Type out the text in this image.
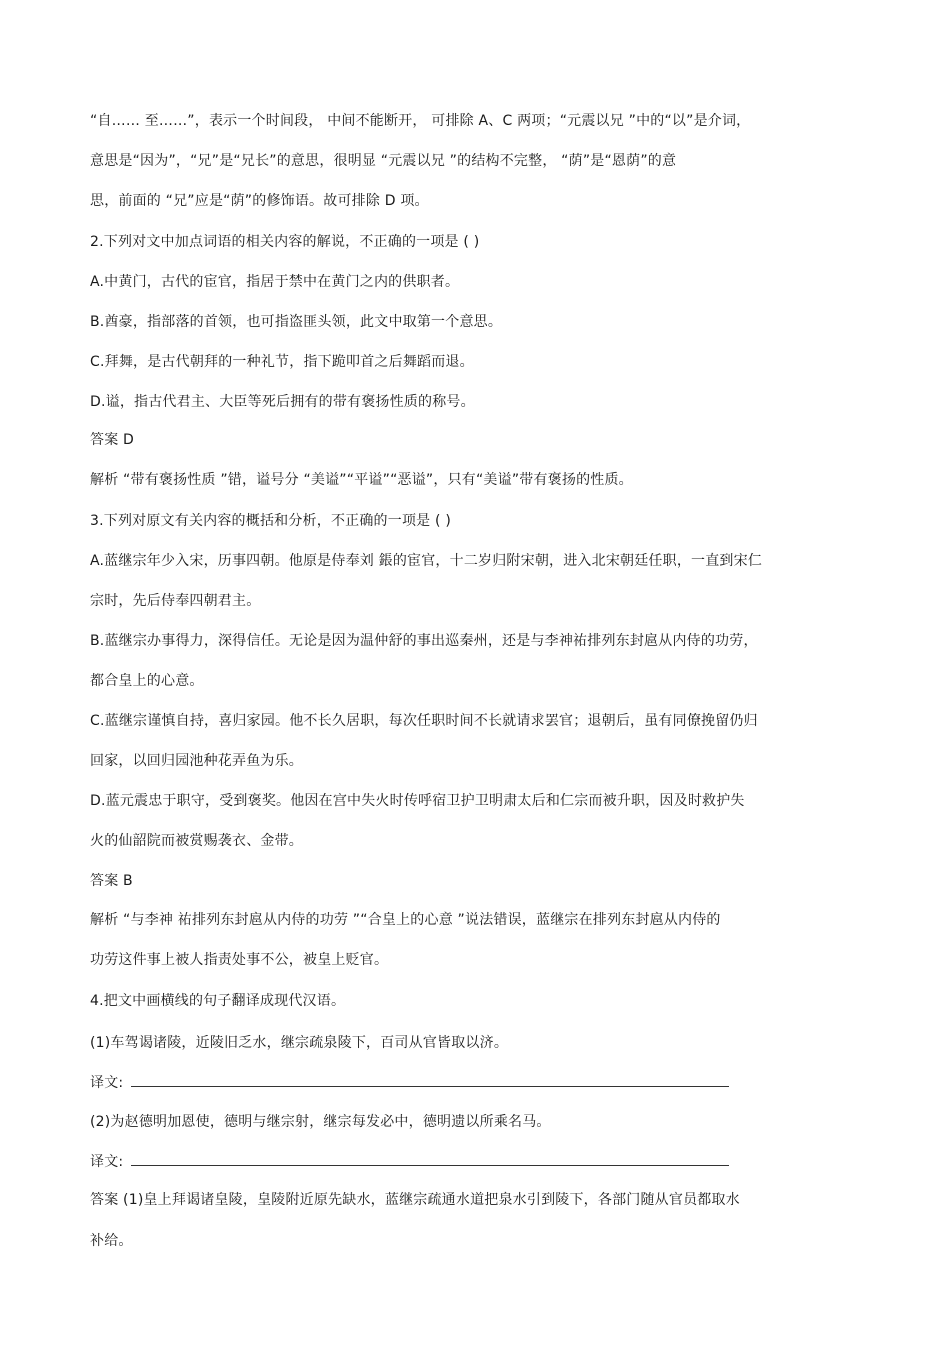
“自…… 至……”，表示一个时间段， 中间不能断开， 可排除 A、C 两项；“元震以兄 ”中的“以”是介词，
意思是“因为”，“兄”是“兄长”的意思，很明显 “元震以兄 ”的结构不完整， “荫”是“恩荫”的意
思，前面的 “兄”应是“荫”的修饰语。故可排除 D 项。
2.下列对文中加点词语的相关内容的解说，不正确的一项是 ( )
A.中黄门，古代的宦官，指居于禁中在黄门之内的供职者。
B.酋豪，指部落的首领，也可指盗匪头领，此文中取第一个意思。
C.拜舞，是古代朝拜的一种礼节，指下跪叩首之后舞蹈而退。
D.谥，指古代君主、大臣等死后拥有的带有褒扬性质的称号。
答案 D
解析 “带有褒扬性质 ”错，谥号分 “美谥”“平谥”“恶谥”，只有“美谥”带有褒扬的性质。
3.下列对原文有关内容的概括和分析，不正确的一项是 ( )
A.蓝继宗年少入宋，历事四朝。他原是侍奉刘 鋹的宦官，十二岁归附宋朝，进入北宋朝廷任职，一直到宋仁
宗时，先后侍奉四朝君主。
B.蓝继宗办事得力，深得信任。无论是因为温仲舒的事出巡秦州，还是与李神祐排列东封扈从内侍的功劳，
都合皇上的心意。
C.蓝继宗谨慎自持，喜归家园。他不长久居职，每次任职时间不长就请求罢官；退朝后，虽有同僚挽留仍归
回家，以回归园池种花弄鱼为乐。
D.蓝元震忠于职守，受到褒奖。他因在宫中失火时传呼宿卫护卫明肃太后和仁宗而被升职，因及时救护失
火的仙韶院而被赏赐袭衣、金带。
答案 B
解析 “与李神 祐排列东封扈从内侍的功劳 ”“合皇上的心意 ”说法错误，蓝继宗在排列东封扈从内侍的
功劳这件事上被人指责处事不公，被皇上贬官。
4.把文中画横线的句子翻译成现代汉语。
(1)车驾谒诸陵，近陵旧乏水，继宗疏泉陵下，百司从官皆取以济。
译文:
(2)为赵德明加恩使，德明与继宗射，继宗每发必中，德明遗以所乘名马。
译文:
答案 (1)皇上拜谒诸皇陵，皇陵附近原先缺水，蓝继宗疏通水道把泉水引到陵下，各部门随从官员都取水
补给。
